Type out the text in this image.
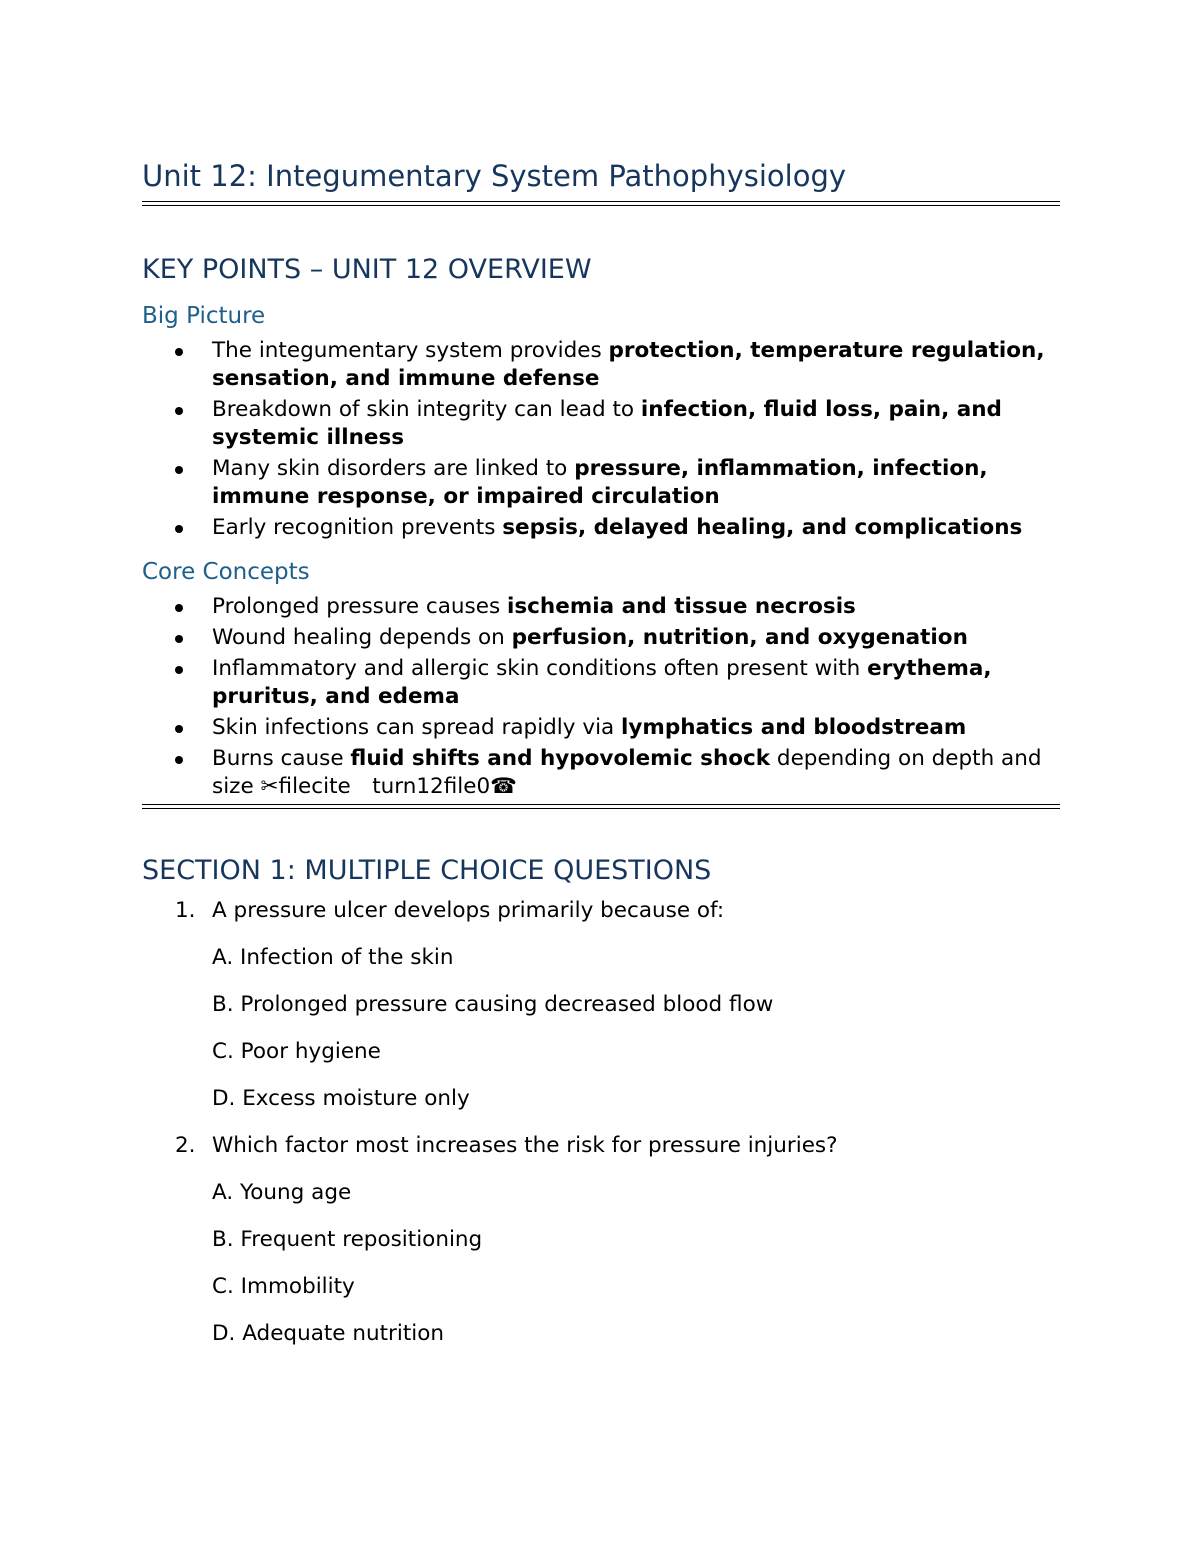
Unit 12: Integumentary System Pathophysiology
KEY POINTS – UNIT 12 OVERVIEW
Big Picture
The integumentary system provides protection, temperature regulation, sensation, and immune defense
Breakdown of skin integrity can lead to infection, fluid loss, pain, and systemic illness
Many skin disorders are linked to pressure, inflammation, infection, immune response, or impaired circulation
Early recognition prevents sepsis, delayed healing, and complications
Core Concepts
Prolonged pressure causes ischemia and tissue necrosis
Wound healing depends on perfusion, nutrition, and oxygenation
Inflammatory and allergic skin conditions often present with erythema, pruritus, and edema
Skin infections can spread rapidly via lymphatics and bloodstream
Burns cause fluid shifts and hypovolemic shock depending on depth and size ✂filecite turn12file0☎
SECTION 1: MULTIPLE CHOICE QUESTIONS
1. A pressure ulcer develops primarily because of:
A. Infection of the skin
B. Prolonged pressure causing decreased blood flow
C. Poor hygiene
D. Excess moisture only
2. Which factor most increases the risk for pressure injuries?
A. Young age
B. Frequent repositioning
C. Immobility
D. Adequate nutrition
